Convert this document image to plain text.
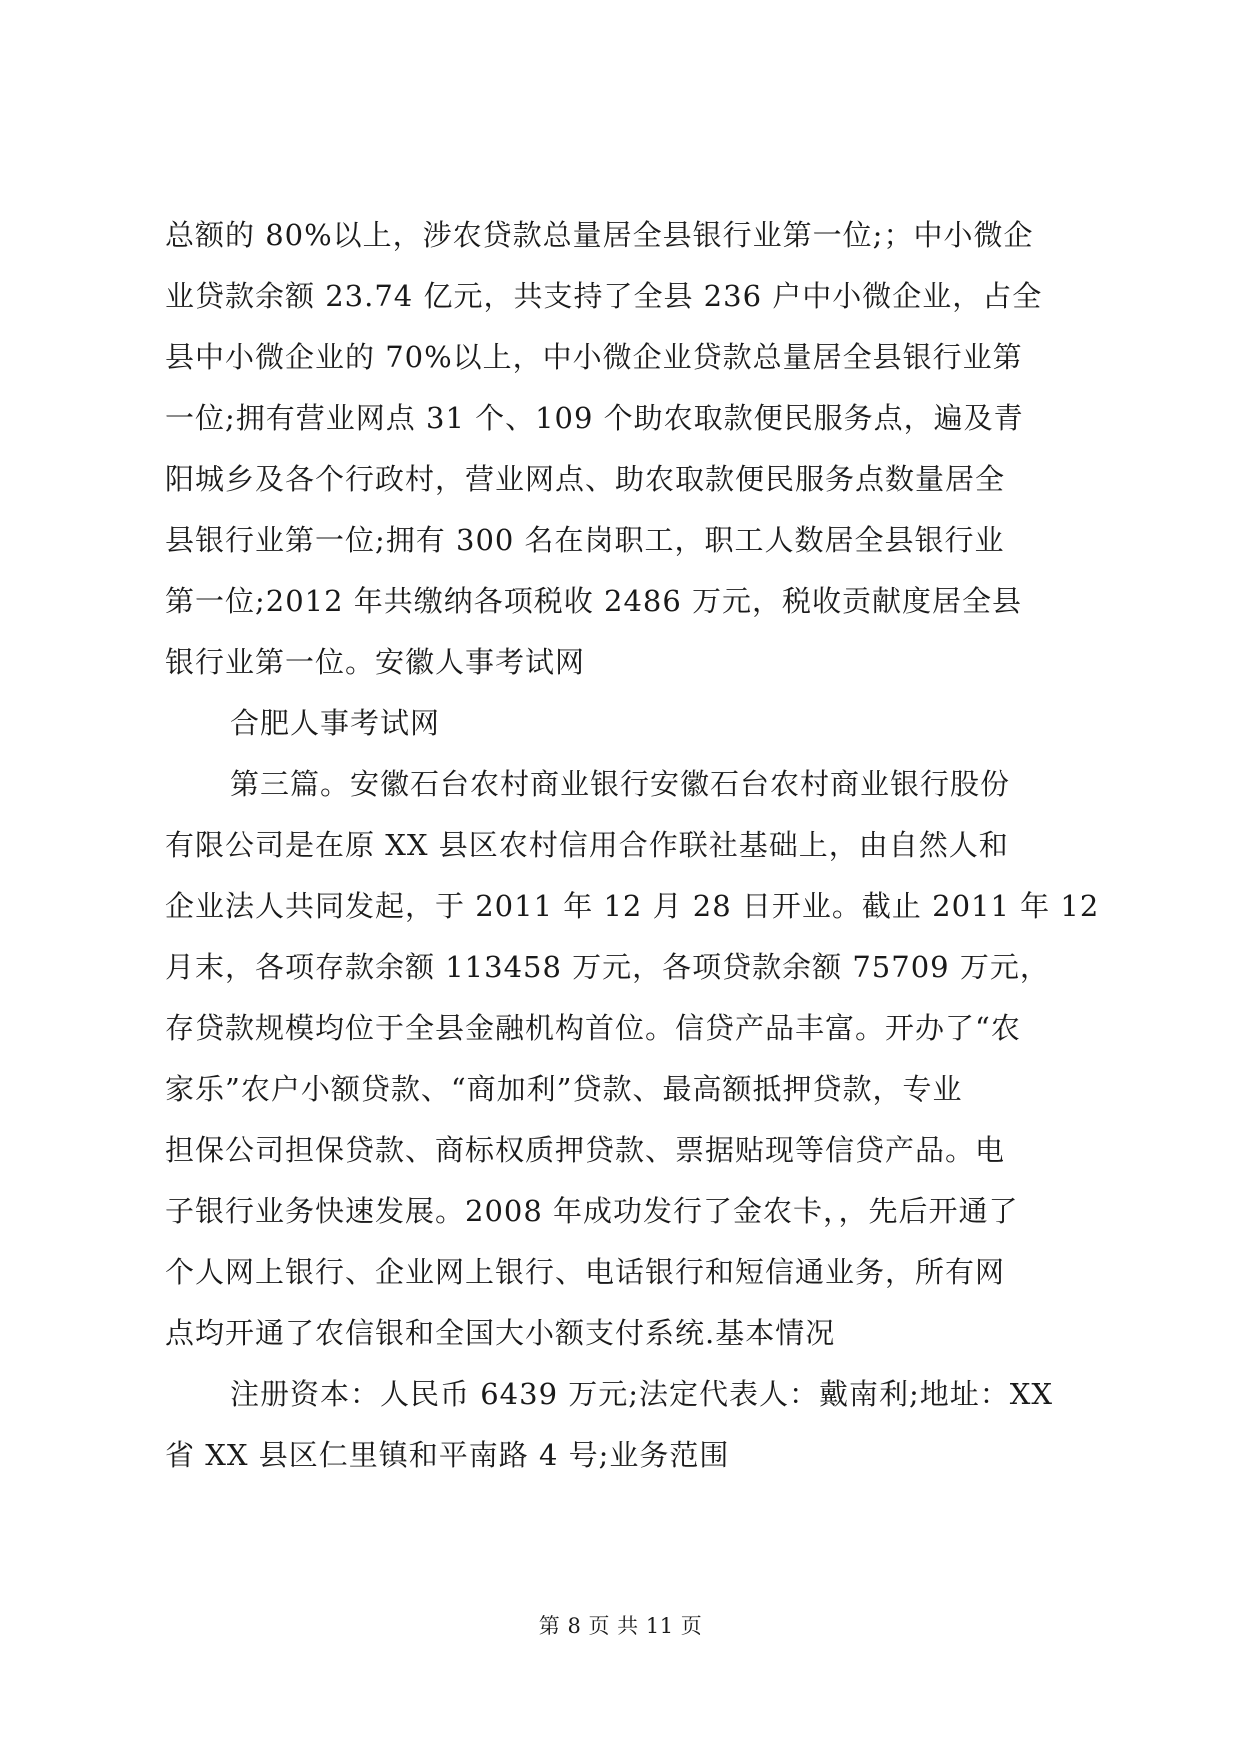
总额的 80%以上，涉农贷款总量居全县银行业第一位;；中小微企
业贷款余额 23.74 亿元，共支持了全县 236 户中小微企业，占全
县中小微企业的 70%以上，中小微企业贷款总量居全县银行业第
一位;拥有营业网点 31 个、109 个助农取款便民服务点，遍及青
阳城乡及各个行政村，营业网点、助农取款便民服务点数量居全
县银行业第一位;拥有 300 名在岗职工，职工人数居全县银行业
第一位;2012 年共缴纳各项税收 2486 万元，税收贡献度居全县
银行业第一位。安徽人事考试网

合肥人事考试网

第三篇。安徽石台农村商业银行安徽石台农村商业银行股份
有限公司是在原 XX 县区农村信用合作联社基础上，由自然人和
企业法人共同发起，于 2011 年 12 月 28 日开业。截止 2011 年 12
月末，各项存款余额 113458 万元，各项贷款余额 75709 万元，
存贷款规模均位于全县金融机构首位。信贷产品丰富。开办了“农
家乐”农户小额贷款、“商加利”贷款、最高额抵押贷款，专业
担保公司担保贷款、商标权质押贷款、票据贴现等信贷产品。电
子银行业务快速发展。2008 年成功发行了金农卡，，先后开通了
个人网上银行、企业网上银行、电话银行和短信通业务，所有网
点均开通了农信银和全国大小额支付系统.基本情况

注册资本：人民币 6439 万元;法定代表人：戴南利;地址：XX
省 XX 县区仁里镇和平南路 4 号;业务范围

第 8 页 共 11 页
